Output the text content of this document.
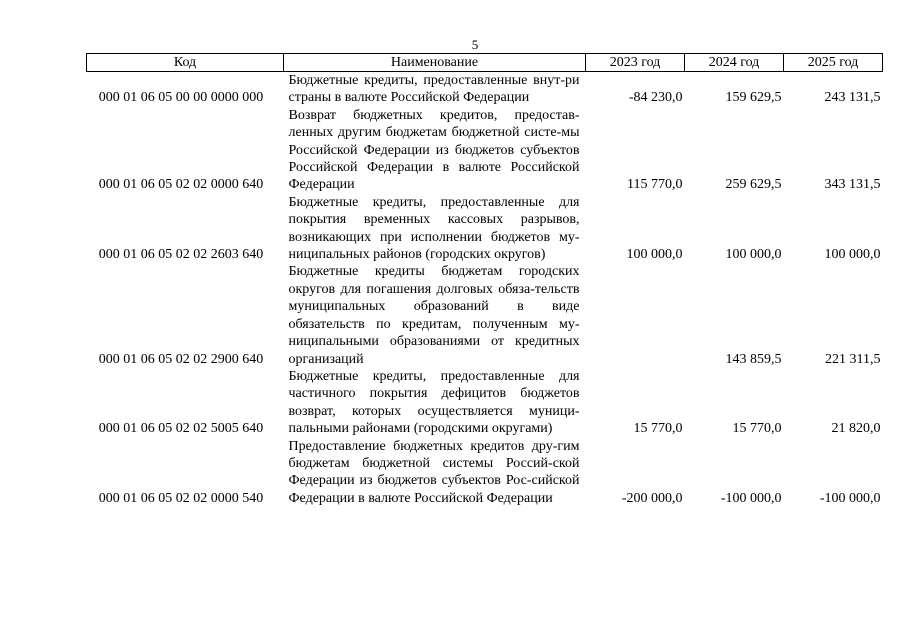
5
Код	Наименование	2023 год	2024 год	2025 год
000 01 06 05 00 00 0000 000	Бюджетные кредиты, предоставленные внут-ри страны в валюте Российской Федерации	-84 230,0	159 629,5	243 131,5
000 01 06 05 02 02 0000 640	Возврат бюджетных кредитов, предостав-ленных другим бюджетам бюджетной систе-мы Российской Федерации из бюджетов субъектов Российской Федерации в валюте Российской Федерации	115 770,0	259 629,5	343 131,5
000 01 06 05 02 02 2603 640	Бюджетные кредиты, предоставленные для покрытия временных кассовых разрывов, возникающих при исполнении бюджетов му-ниципальных районов (городских округов)	100 000,0	100 000,0	100 000,0
000 01 06 05 02 02 2900 640	Бюджетные кредиты бюджетам городских округов для погашения долговых обяза-тельств муниципальных образований в виде обязательств по кредитам, полученным му-ниципальными образованиями от кредитных организаций		143 859,5	221 311,5
000 01 06 05 02 02 5005 640	Бюджетные кредиты, предоставленные для частичного покрытия дефицитов бюджетов возврат, которых осуществляется муници-пальными районами (городскими округами)	15 770,0	15 770,0	21 820,0
000 01 06 05 02 02 0000 540	Предоставление бюджетных кредитов дру-гим бюджетам бюджетной системы Россий-ской Федерации из бюджетов субъектов Рос-сийской Федерации в валюте Российской Федерации	-200 000,0	-100 000,0	-100 000,0
